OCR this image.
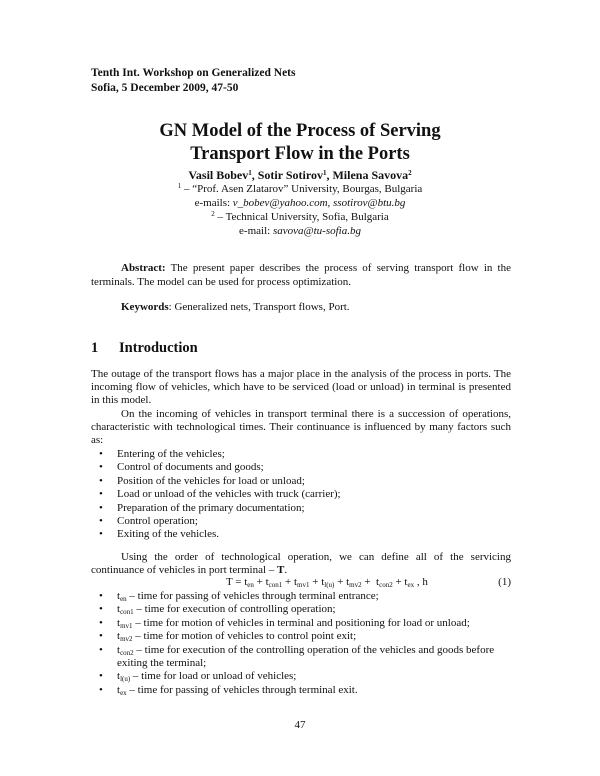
Tenth Int. Workshop on Generalized Nets
Sofia, 5 December 2009, 47-50
GN Model of the Process of Serving
Transport Flow in the Ports
Vasil Bobev$^1$, Sotir Sotirov$^1$, Milena Savova$^2$
$^1$ – “Prof. Asen Zlatarov” University, Bourgas, Bulgaria
e-mails: v_bobev@yahoo.com, ssotirov@btu.bg
$^2$ – Technical University, Sofia, Bulgaria
e-mail: savova@tu-sofia.bg
Abstract: The present paper describes the process of serving transport flow in the terminals. The model can be used for process optimization.
Keywords: Generalized nets, Transport flows, Port.
1 Introduction
The outage of the transport flows has a major place in the analysis of the process in ports. The incoming flow of vehicles, which have to be serviced (load or unload) in terminal is presented in this model.
On the incoming of vehicles in transport terminal there is a succession of operations, characteristic with technological times. Their continuance is influenced by many factors such as:
• Entering of the vehicles;
• Control of documents and goods;
• Position of the vehicles for load or unload;
• Load or unload of the vehicles with truck (carrier);
• Preparation of the primary documentation;
• Control operation;
• Exiting of the vehicles.
Using the order of technological operation, we can define all of the servicing continuance of vehicles in port terminal – T.
$T = t_{en} + t_{con1} + t_{mv1} + t_{l(u)} + t_{mv2} + t_{con2} + t_{ex}$ , h	(1)
• $t_{en}$ – time for passing of vehicles through terminal entrance;
• $t_{con1}$ – time for execution of controlling operation;
• $t_{mv1}$ – time for motion of vehicles in terminal and positioning for load or unload;
• $t_{mv2}$ – time for motion of vehicles to control point exit;
• $t_{con2}$ – time for execution of the controlling operation of the vehicles and goods before exiting the terminal;
• $t_{l(u)}$ – time for load or unload of vehicles;
• $t_{ex}$ – time for passing of vehicles through terminal exit.
47
